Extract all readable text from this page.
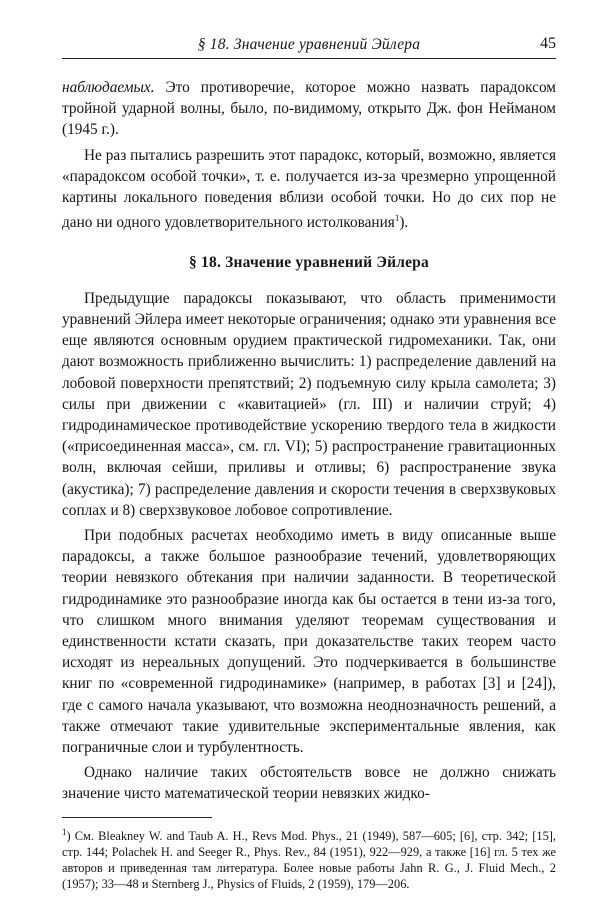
§ 18. Значение уравнений Эйлера	45

наблюдаемых. Это противоречие, которое можно назвать парадоксом тройной ударной волны, было, по-видимому, открыто Дж. фон Нейманом (1945 г.).

Не раз пытались разрешить этот парадокс, который, возможно, является «парадоксом особой точки», т. е. получается из-за чрезмерно упрощенной картины локального поведения вблизи особой точки. Но до сих пор не дано ни одного удовлетворительного истолкования$^1$).

§ 18. Значение уравнений Эйлера

Предыдущие парадоксы показывают, что область применимости уравнений Эйлера имеет некоторые ограничения; однако эти уравнения все еще являются основным орудием практической гидромеханики. Так, они дают возможность приближенно вычислить: 1) распределение давлений на лобовой поверхности препятствий; 2) подъемную силу крыла самолета; 3) силы при движении с «кавитацией» (гл. III) и наличии струй; 4) гидродинамическое противодействие ускорению твердого тела в жидкости («присоединенная масса», см. гл. VI); 5) распространение гравитационных волн, включая сейши, приливы и отливы; 6) распространение звука (акустика); 7) распределение давления и скорости течения в сверхзвуковых соплах и 8) сверхзвуковое лобовое сопротивление.

При подобных расчетах необходимо иметь в виду описанные выше парадоксы, а также большое разнообразие течений, удовлетворяющих теории невязкого обтекания при наличии заданности. В теоретической гидродинамике это разнообразие иногда как бы остается в тени из-за того, что слишком много внимания уделяют теоремам существования и единственности кстати сказать, при доказательстве таких теорем часто исходят из нереальных допущений. Это подчеркивается в большинстве книг по «современной гидродинамике» (например, в работах [3] и [24]), где с самого начала указывают, что возможна неоднозначность решений, а также отмечают такие удивительные экспериментальные явления, как пограничные слои и турбулентность.

Однако наличие таких обстоятельств вовсе не должно снижать значение чисто математической теории невязких жидко-

$^1$) См. Bleakney W. and Taub A. H., Revs Mod. Phys., 21 (1949), 587—605; [6], стр. 342; [15], стр. 144; Polachek H. and Seeger R., Phys. Rev., 84 (1951), 922—929, а также [16] гл. 5 тех же авторов и приведенная там литература. Более новые работы Jahn R. G., J. Fluid Mech., 2 (1957); 33—48 и Sternberg J., Physics of Fluids, 2 (1959), 179—206.
